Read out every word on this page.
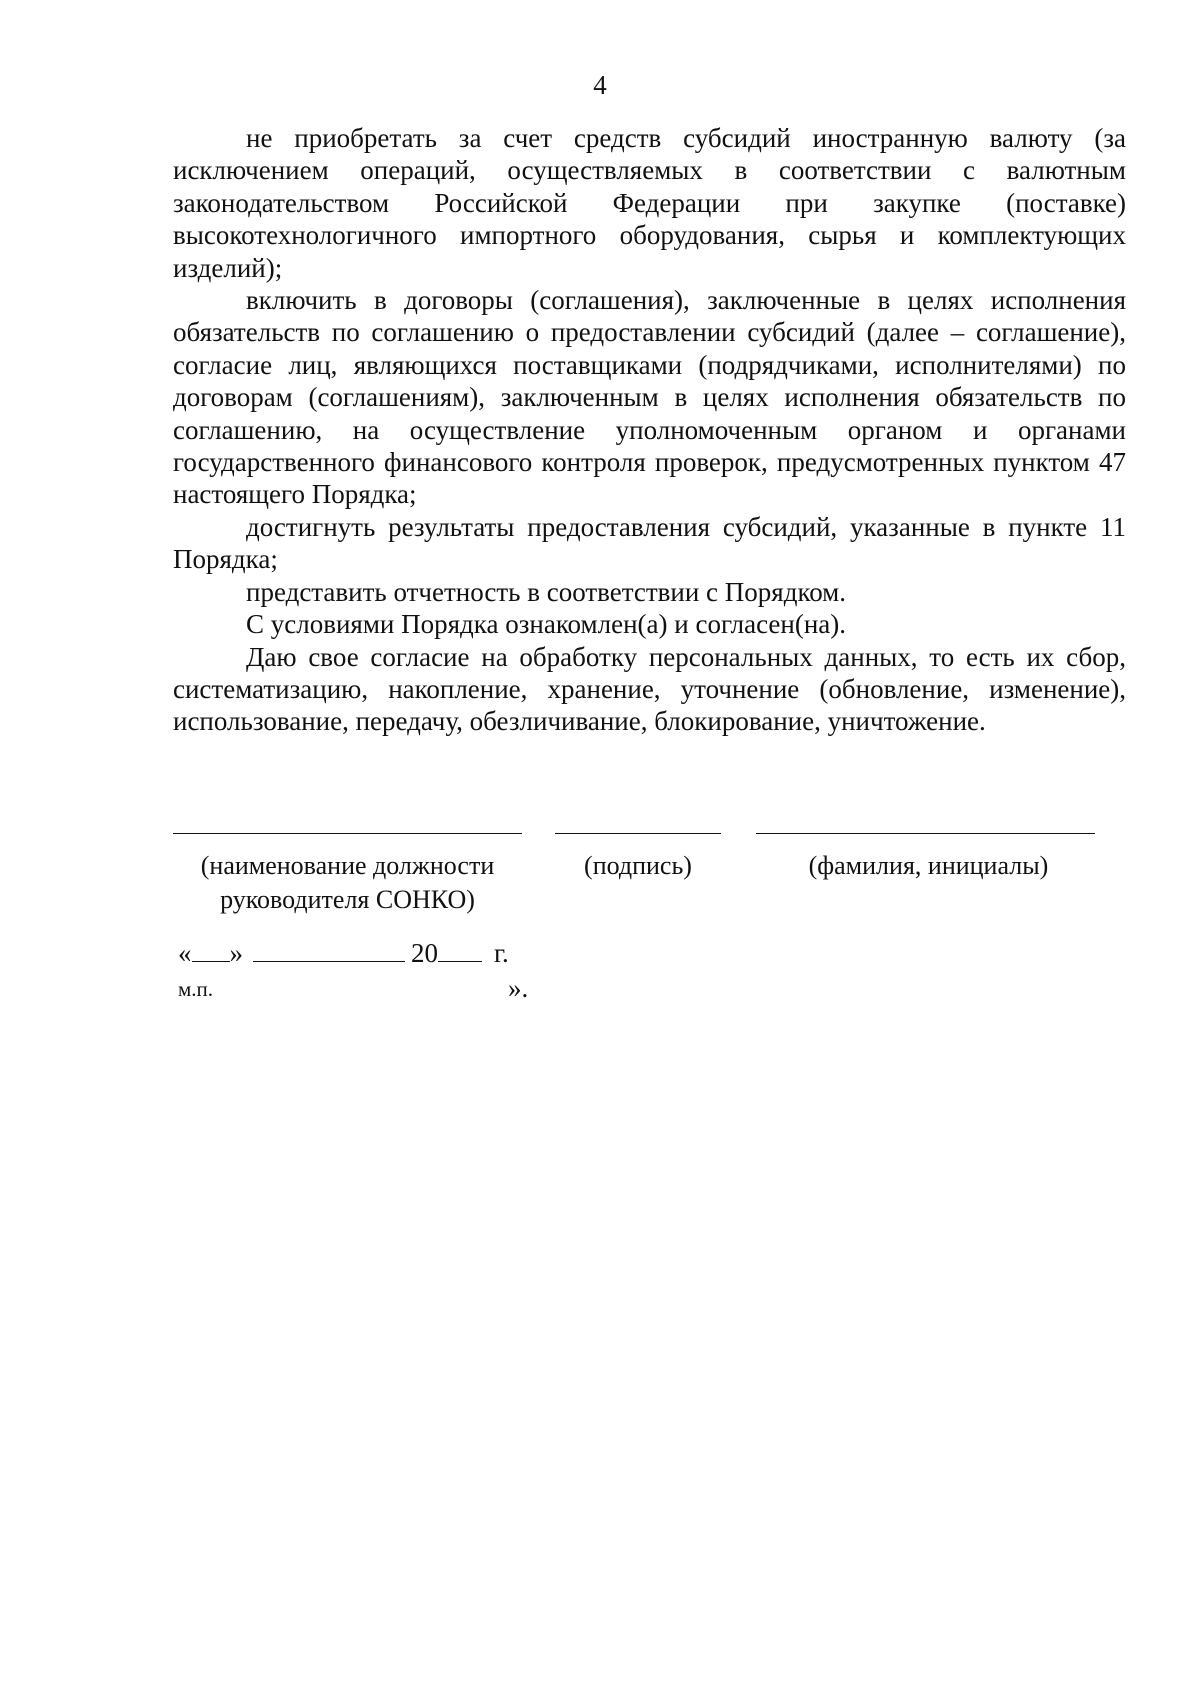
4

не приобретать за счет средств субсидий иностранную валюту (за исключением операций, осуществляемых в соответствии с валютным законодательством Российской Федерации при закупке (поставке) высокотехнологичного импортного оборудования, сырья и комплектующих изделий);

включить в договоры (соглашения), заключенные в целях исполнения обязательств по соглашению о предоставлении субсидий (далее – соглашение), согласие лиц, являющихся поставщиками (подрядчиками, исполнителями) по договорам (соглашениям), заключенным в целях исполнения обязательств по соглашению, на осуществление уполномоченным органом и органами государственного финансового контроля проверок, предусмотренных пунктом 47 настоящего Порядка;

достигнуть результаты предоставления субсидий, указанные в пункте 11 Порядка;

представить отчетность в соответствии с Порядком.

С условиями Порядка ознакомлен(а) и согласен(на).

Даю свое согласие на обработку персональных данных, то есть их сбор, систематизацию, накопление, хранение, уточнение (обновление, изменение), использование, передачу, обезличивание, блокирование, уничтожение.

(наименование должности руководителя СОНКО)
(подпись)	(фамилия, инициалы)
« »	20 г.
м.п.	».
